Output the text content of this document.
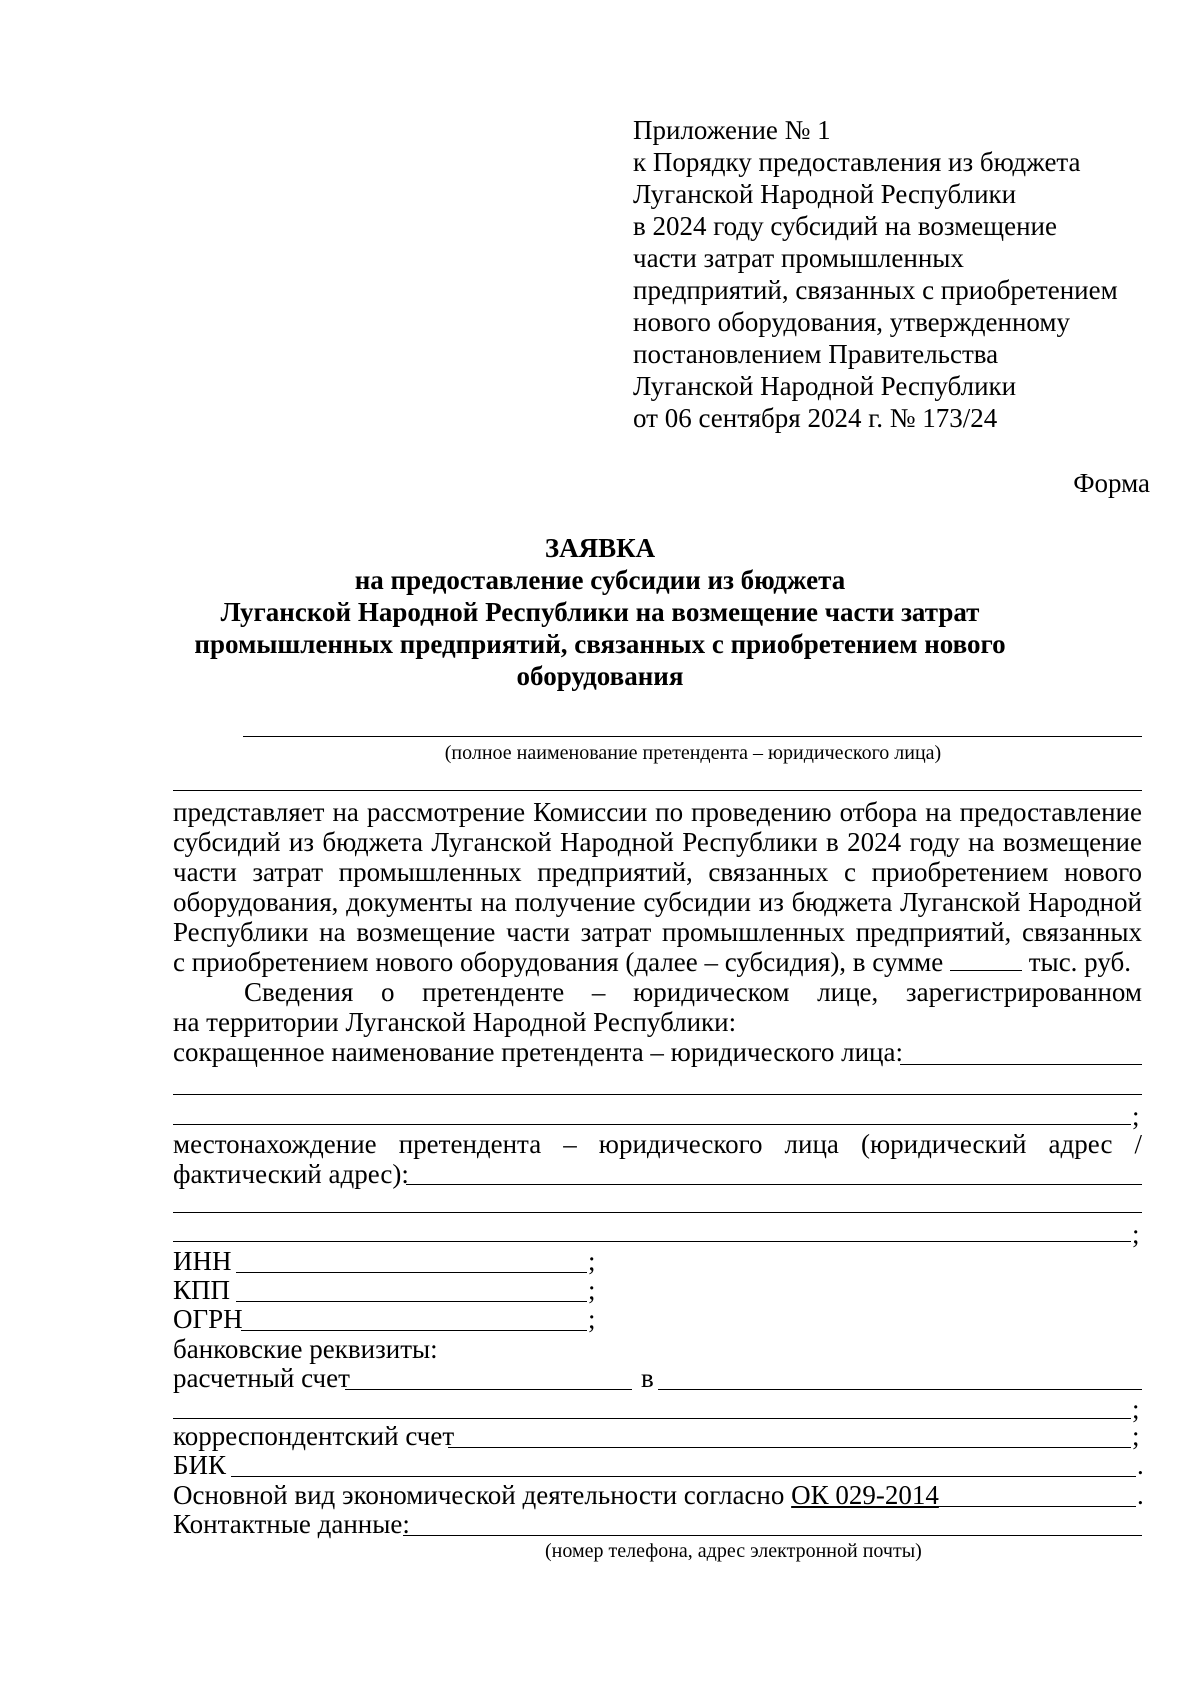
Приложение № 1
к Порядку предоставления из бюджета
Луганской Народной Республики
в 2024 году субсидий на возмещение
части затрат промышленных
предприятий, связанных с приобретением
нового оборудования, утвержденному
постановлением Правительства
Луганской Народной Республики
от 06 сентября 2024 г. № 173/24
Форма
ЗАЯВКА
на предоставление субсидии из бюджета
Луганской Народной Республики на возмещение части затрат
промышленных предприятий, связанных с приобретением нового
оборудования
(полное наименование претендента – юридического лица)
представляет на рассмотрение Комиссии по проведению отбора на предоставление
субсидий из бюджета Луганской Народной Республики в 2024 году на возмещение
части затрат промышленных предприятий, связанных с приобретением нового
оборудования, документы на получение субсидии из бюджета Луганской Народной
Республики на возмещение части затрат промышленных предприятий, связанных
с приобретением нового оборудования (далее – субсидия), в сумме	тыс. руб.
Сведения о претенденте – юридическом лице, зарегистрированном
на территории Луганской Народной Республики:
сокращенное наименование претендента – юридического лица:
;
местонахождение претендента – юридического лица (юридический адрес /
фактический адрес):
;
ИНН	;
КПП	;
ОГРН	;
банковские реквизиты:
расчетный счет	в
;
корреспондентский счет	;
БИК	.
Основной вид экономической деятельности согласно ОК 029-2014	.
Контактные данные:
(номер телефона, адрес электронной почты)
